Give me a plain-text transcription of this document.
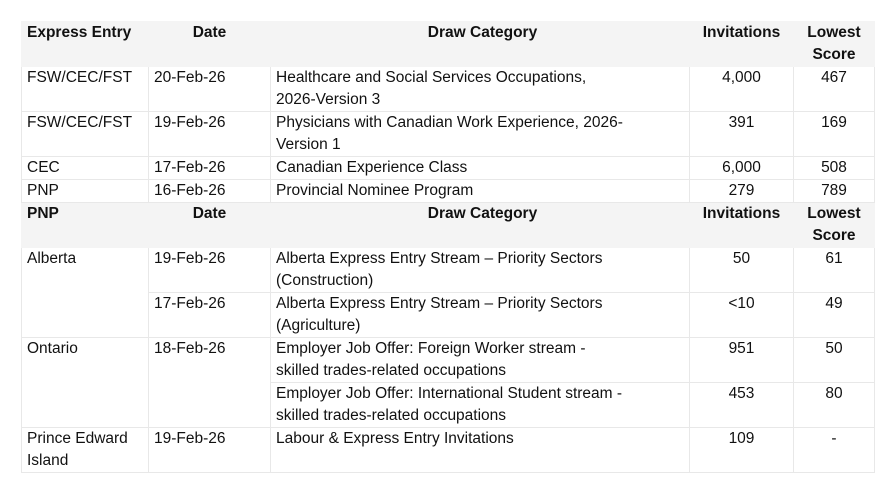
Express Entry	Date	Draw Category	Invitations	Lowest
Score
FSW/CEC/FST	20-Feb-26	Healthcare and Social Services Occupations,
2026-Version 3	4,000	467
FSW/CEC/FST	19-Feb-26	Physicians with Canadian Work Experience, 2026-
Version 1	391	169
CEC	17-Feb-26	Canadian Experience Class	6,000	508
PNP	16-Feb-26	Provincial Nominee Program	279	789
PNP	Date	Draw Category	Invitations	Lowest
Score
Alberta	19-Feb-26	Alberta Express Entry Stream – Priority Sectors
(Construction)	50	61
	17-Feb-26	Alberta Express Entry Stream – Priority Sectors
(Agriculture)	<10	49
Ontario	18-Feb-26	Employer Job Offer: Foreign Worker stream -
skilled trades-related occupations	951	50
		Employer Job Offer: International Student stream -
skilled trades-related occupations	453	80
Prince Edward
Island	19-Feb-26	Labour & Express Entry Invitations	109	-
